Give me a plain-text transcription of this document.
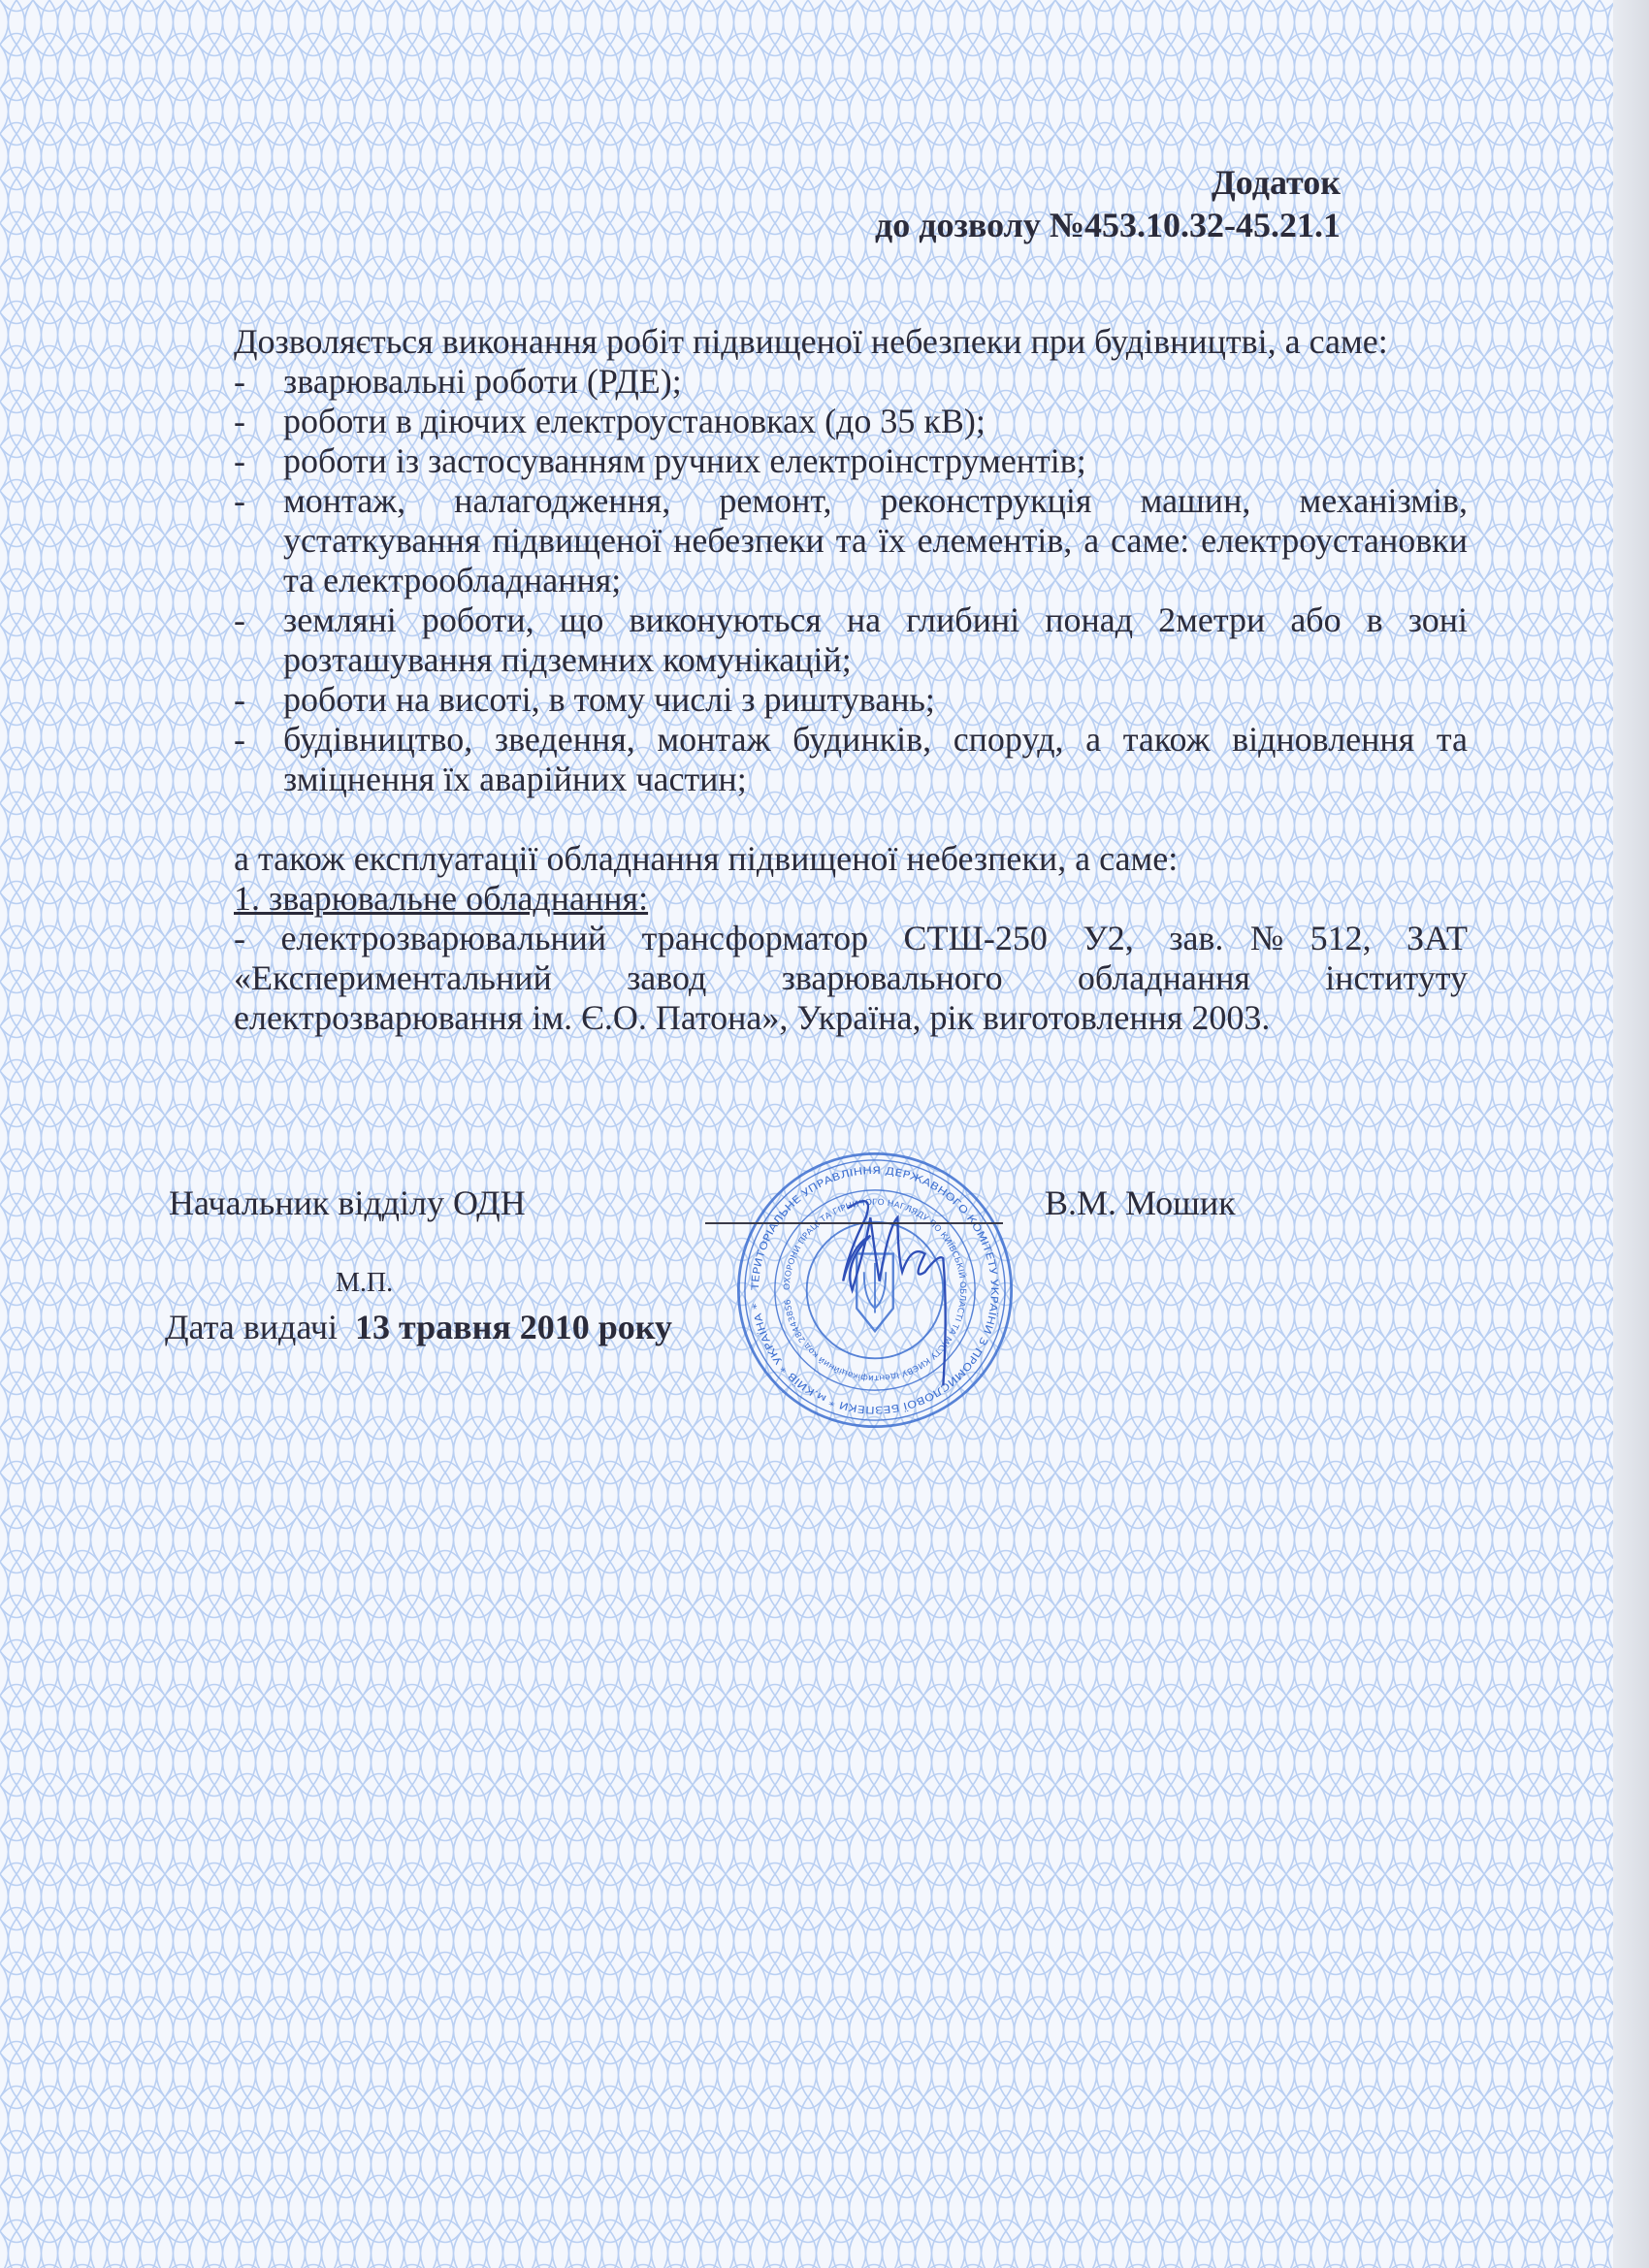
Додаток
до дозволу №453.10.32-45.21.1

Дозволяється виконання робіт підвищеної небезпеки при будівництві, а саме:

- зварювальні роботи (РДЕ);
- роботи в діючих електроустановках (до 35 кВ);
- роботи із застосуванням ручних електроінструментів;
- монтаж, налагодження, ремонт, реконструкція машин, механізмів, устаткування підвищеної небезпеки та їх елементів, а саме: електроустановки та електрообладнання;
- земляні роботи, що виконуються на глибині понад 2метри або в зоні розташування підземних комунікацій;
- роботи на висоті, в тому числі з риштувань;
- будівництво, зведення, монтаж будинків, споруд, а також відновлення та зміцнення їх аварійних частин;

а також експлуатації обладнання підвищеної небезпеки, а саме:

1. зварювальне обладнання:

- електрозварювальний трансформатор СТШ-250 У2, зав.№512, ЗАТ «Експериментальний завод зварювального обладнання інституту електрозварювання ім. Є.О. Патона», Україна, рік виготовлення 2003.

ТЕРИТОРІАЛЬНЕ УПРАВЛІННЯ ДЕРЖАВНОГО КОМІТЕТУ УКРАЇНИ З ПРОМИСЛОВОЇ БЕЗПЕКИ * м.КИЇВ * УКРАЇНА *
ОХОРОНИ ПРАЦ ТА ГІРНИЧОГО НАГЛЯДУ О КИЇВСЬКІЙ ОБЛАСТІ ТА МІСТУ КИЄВУ Ідентифікаційний код 28443856
Начальник відділу ОДН	В.М. Мошик
М.П.
Дата видачі 13 травня 2010 року
